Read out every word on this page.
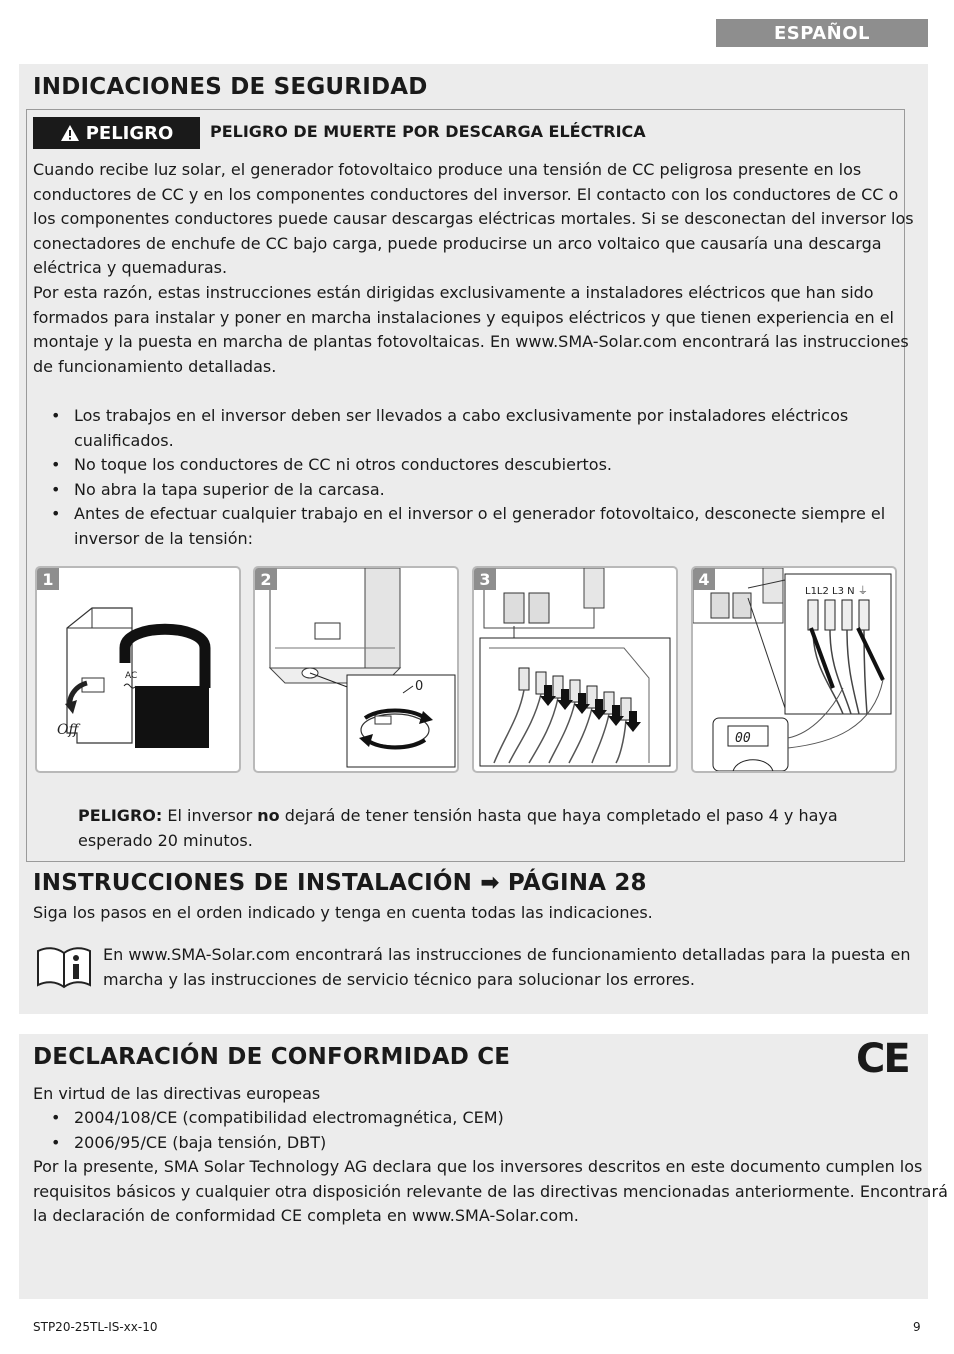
ESPAÑOL
INDICACIONES DE SEGURIDAD
PELIGRO PELIGRO DE MUERTE POR DESCARGA ELÉCTRICA
Cuando recibe luz solar, el generador fotovoltaico produce una tensión de CC peligrosa presente en los
conductores de CC y en los componentes conductores del inversor. El contacto con los conductores de CC o
los componentes conductores puede causar descargas eléctricas mortales. Si se desconectan del inversor los
conectadores de enchufe de CC bajo carga, puede producirse un arco voltaico que causaría una descarga
eléctrica y quemaduras.
Por esta razón, estas instrucciones están dirigidas exclusivamente a instaladores eléctricos que han sido
formados para instalar y poner en marcha instalaciones y equipos eléctricos y que tienen experiencia en el
montaje y la puesta en marcha de plantas fotovoltaicas. En www.SMA-Solar.com encontrará las instrucciones
de funcionamiento detalladas.
• Los trabajos en el inversor deben ser llevados a cabo exclusivamente por instaladores eléctricos
cualificados.
• No toque los conductores de CC ni otros conductores descubiertos.
• No abra la tapa superior de la carcasa.
• Antes de efectuar cualquier trabajo en el inversor o el generador fotovoltaico, desconecte siempre el
inversor de la tensión:
AC
Off
1
0
2	3
L1L2 L3 N ⏚
00
4
PELIGRO: El inversor no dejará de tener tensión hasta que haya completado el paso 4 y haya
esperado 20 minutos.
INSTRUCCIONES DE INSTALACIÓN ➡ PÁGINA 28
Siga los pasos en el orden indicado y tenga en cuenta todas las indicaciones.
En www.SMA-Solar.com encontrará las instrucciones de funcionamiento detalladas para la puesta en
marcha y las instrucciones de servicio técnico para solucionar los errores.
DECLARACIÓN DE CONFORMIDAD CE	CE
En virtud de las directivas europeas
• 2004/108/CE (compatibilidad electromagnética, CEM)
• 2006/95/CE (baja tensión, DBT)
Por la presente, SMA Solar Technology AG declara que los inversores descritos en este documento cumplen los
requisitos básicos y cualquier otra disposición relevante de las directivas mencionadas anteriormente. Encontrará
la declaración de conformidad CE completa en www.SMA-Solar.com.
STP20-25TL-IS-xx-10	9
